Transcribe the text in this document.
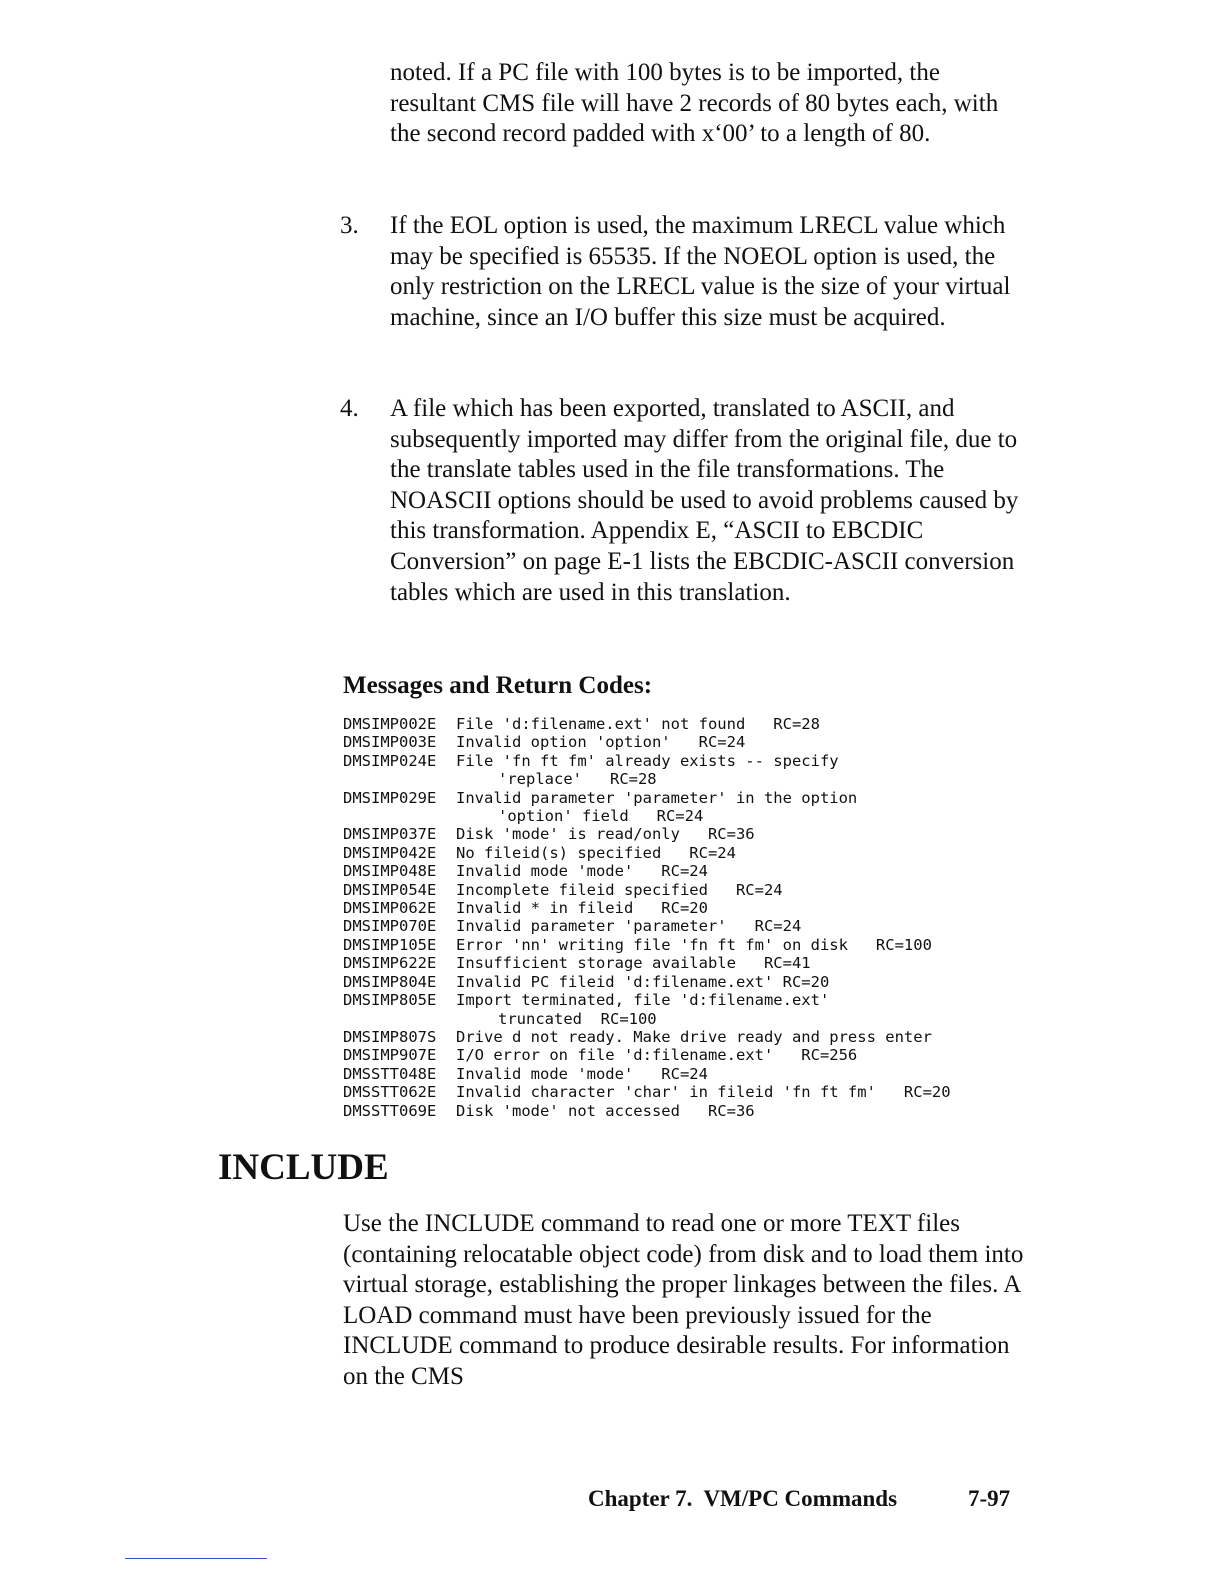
noted. If a PC file with 100 bytes is to be imported, the resultant CMS file will have 2 records of 80 bytes each, with the second record padded with x‘00’ to a length of 80.

3.	If the EOL option is used, the maximum LRECL value which may be specified is 65535. If the NOEOL option is used, the only restriction on the LRECL value is the size of your virtual machine, since an I/O buffer this size must be acquired.
4.	A file which has been exported, translated to ASCII, and subsequently imported may differ from the original file, due to the translate tables used in the file transformations. The NOASCII options should be used to avoid problems caused by this transformation. Appendix E, “ASCII to EBCDIC Conversion” on page E-1 lists the EBCDIC-ASCII conversion tables which are used in this translation.
Messages and Return Codes:
DMSIMP002E	File 'd:filename.ext' not found   RC=28
DMSIMP003E	Invalid option 'option'   RC=24
DMSIMP024E	File 'fn ft fm' already exists -- specify
'replace'   RC=28
DMSIMP029E	Invalid parameter 'parameter' in the option
'option' field   RC=24
DMSIMP037E	Disk 'mode' is read/only   RC=36
DMSIMP042E	No fileid(s) specified   RC=24
DMSIMP048E	Invalid mode 'mode'   RC=24
DMSIMP054E	Incomplete fileid specified   RC=24
DMSIMP062E	Invalid * in fileid   RC=20
DMSIMP070E	Invalid parameter 'parameter'   RC=24
DMSIMP105E	Error 'nn' writing file 'fn ft fm' on disk   RC=100
DMSIMP622E	Insufficient storage available   RC=41
DMSIMP804E	Invalid PC fileid 'd:filename.ext' RC=20
DMSIMP805E	Import terminated, file 'd:filename.ext'
truncated  RC=100
DMSIMP807S	Drive d not ready. Make drive ready and press enter
DMSIMP907E	I/O error on file 'd:filename.ext'   RC=256
DMSSTT048E	Invalid mode 'mode'   RC=24
DMSSTT062E	Invalid character 'char' in fileid 'fn ft fm'   RC=20
DMSSTT069E	Disk 'mode' not accessed   RC=36
INCLUDE

Use the INCLUDE command to read one or more TEXT files (containing relocatable object code) from disk and to load them into virtual storage, establishing the proper linkages between the files. A LOAD command must have been previously issued for the INCLUDE command to produce desirable results. For information on the CMS

Chapter 7.  VM/PC Commands	7-97
